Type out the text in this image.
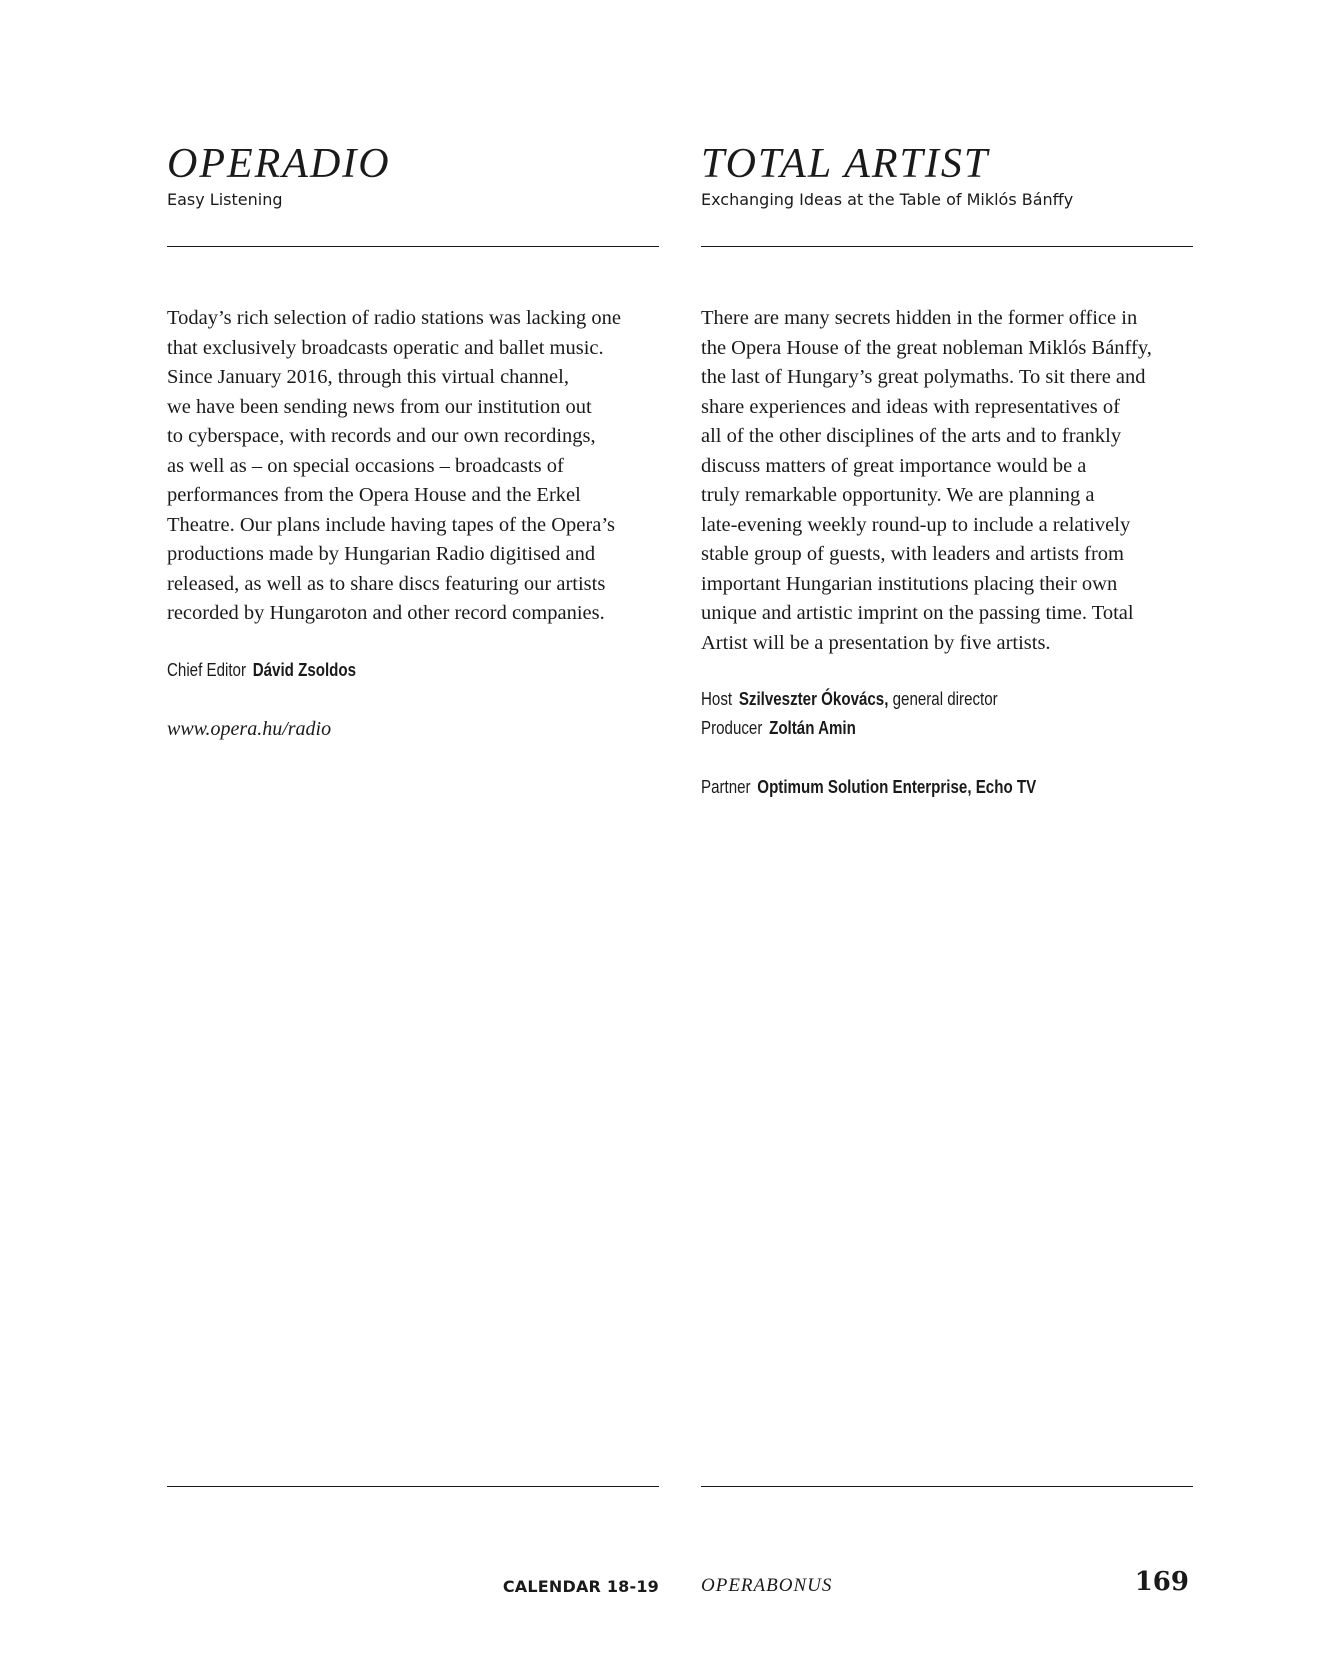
OPERADIO
Easy Listening

Today’s rich selection of radio stations was lacking one
that exclusively broadcasts operatic and ballet music.
Since January 2016, through this virtual channel,
we have been sending news from our institution out
to cyberspace, with records and our own recordings,
as well as – on special occasions – broadcasts of
performances from the Opera House and the Erkel
Theatre. Our plans include having tapes of the Opera’s
productions made by Hungarian Radio digitised and
released, as well as to share discs featuring our artists
recorded by Hungaroton and other record companies.

Chief Editor Dávid Zsoldos
www.opera.hu/radio
TOTAL ARTIST
Exchanging Ideas at the Table of Miklós Bánffy

There are many secrets hidden in the former office in
the Opera House of the great nobleman Miklós Bánffy,
the last of Hungary’s great polymaths. To sit there and
share experiences and ideas with representatives of
all of the other disciplines of the arts and to frankly
discuss matters of great importance would be a
truly remarkable opportunity. We are planning a
late-evening weekly round-up to include a relatively
stable group of guests, with leaders and artists from
important Hungarian institutions placing their own
unique and artistic imprint on the passing time. Total
Artist will be a presentation by five artists.

Host Szilveszter Ókovács, general director
Producer Zoltán Amin
Partner Optimum Solution Enterprise, Echo TV
CALENDAR 18-19 OPERABONUS	169
